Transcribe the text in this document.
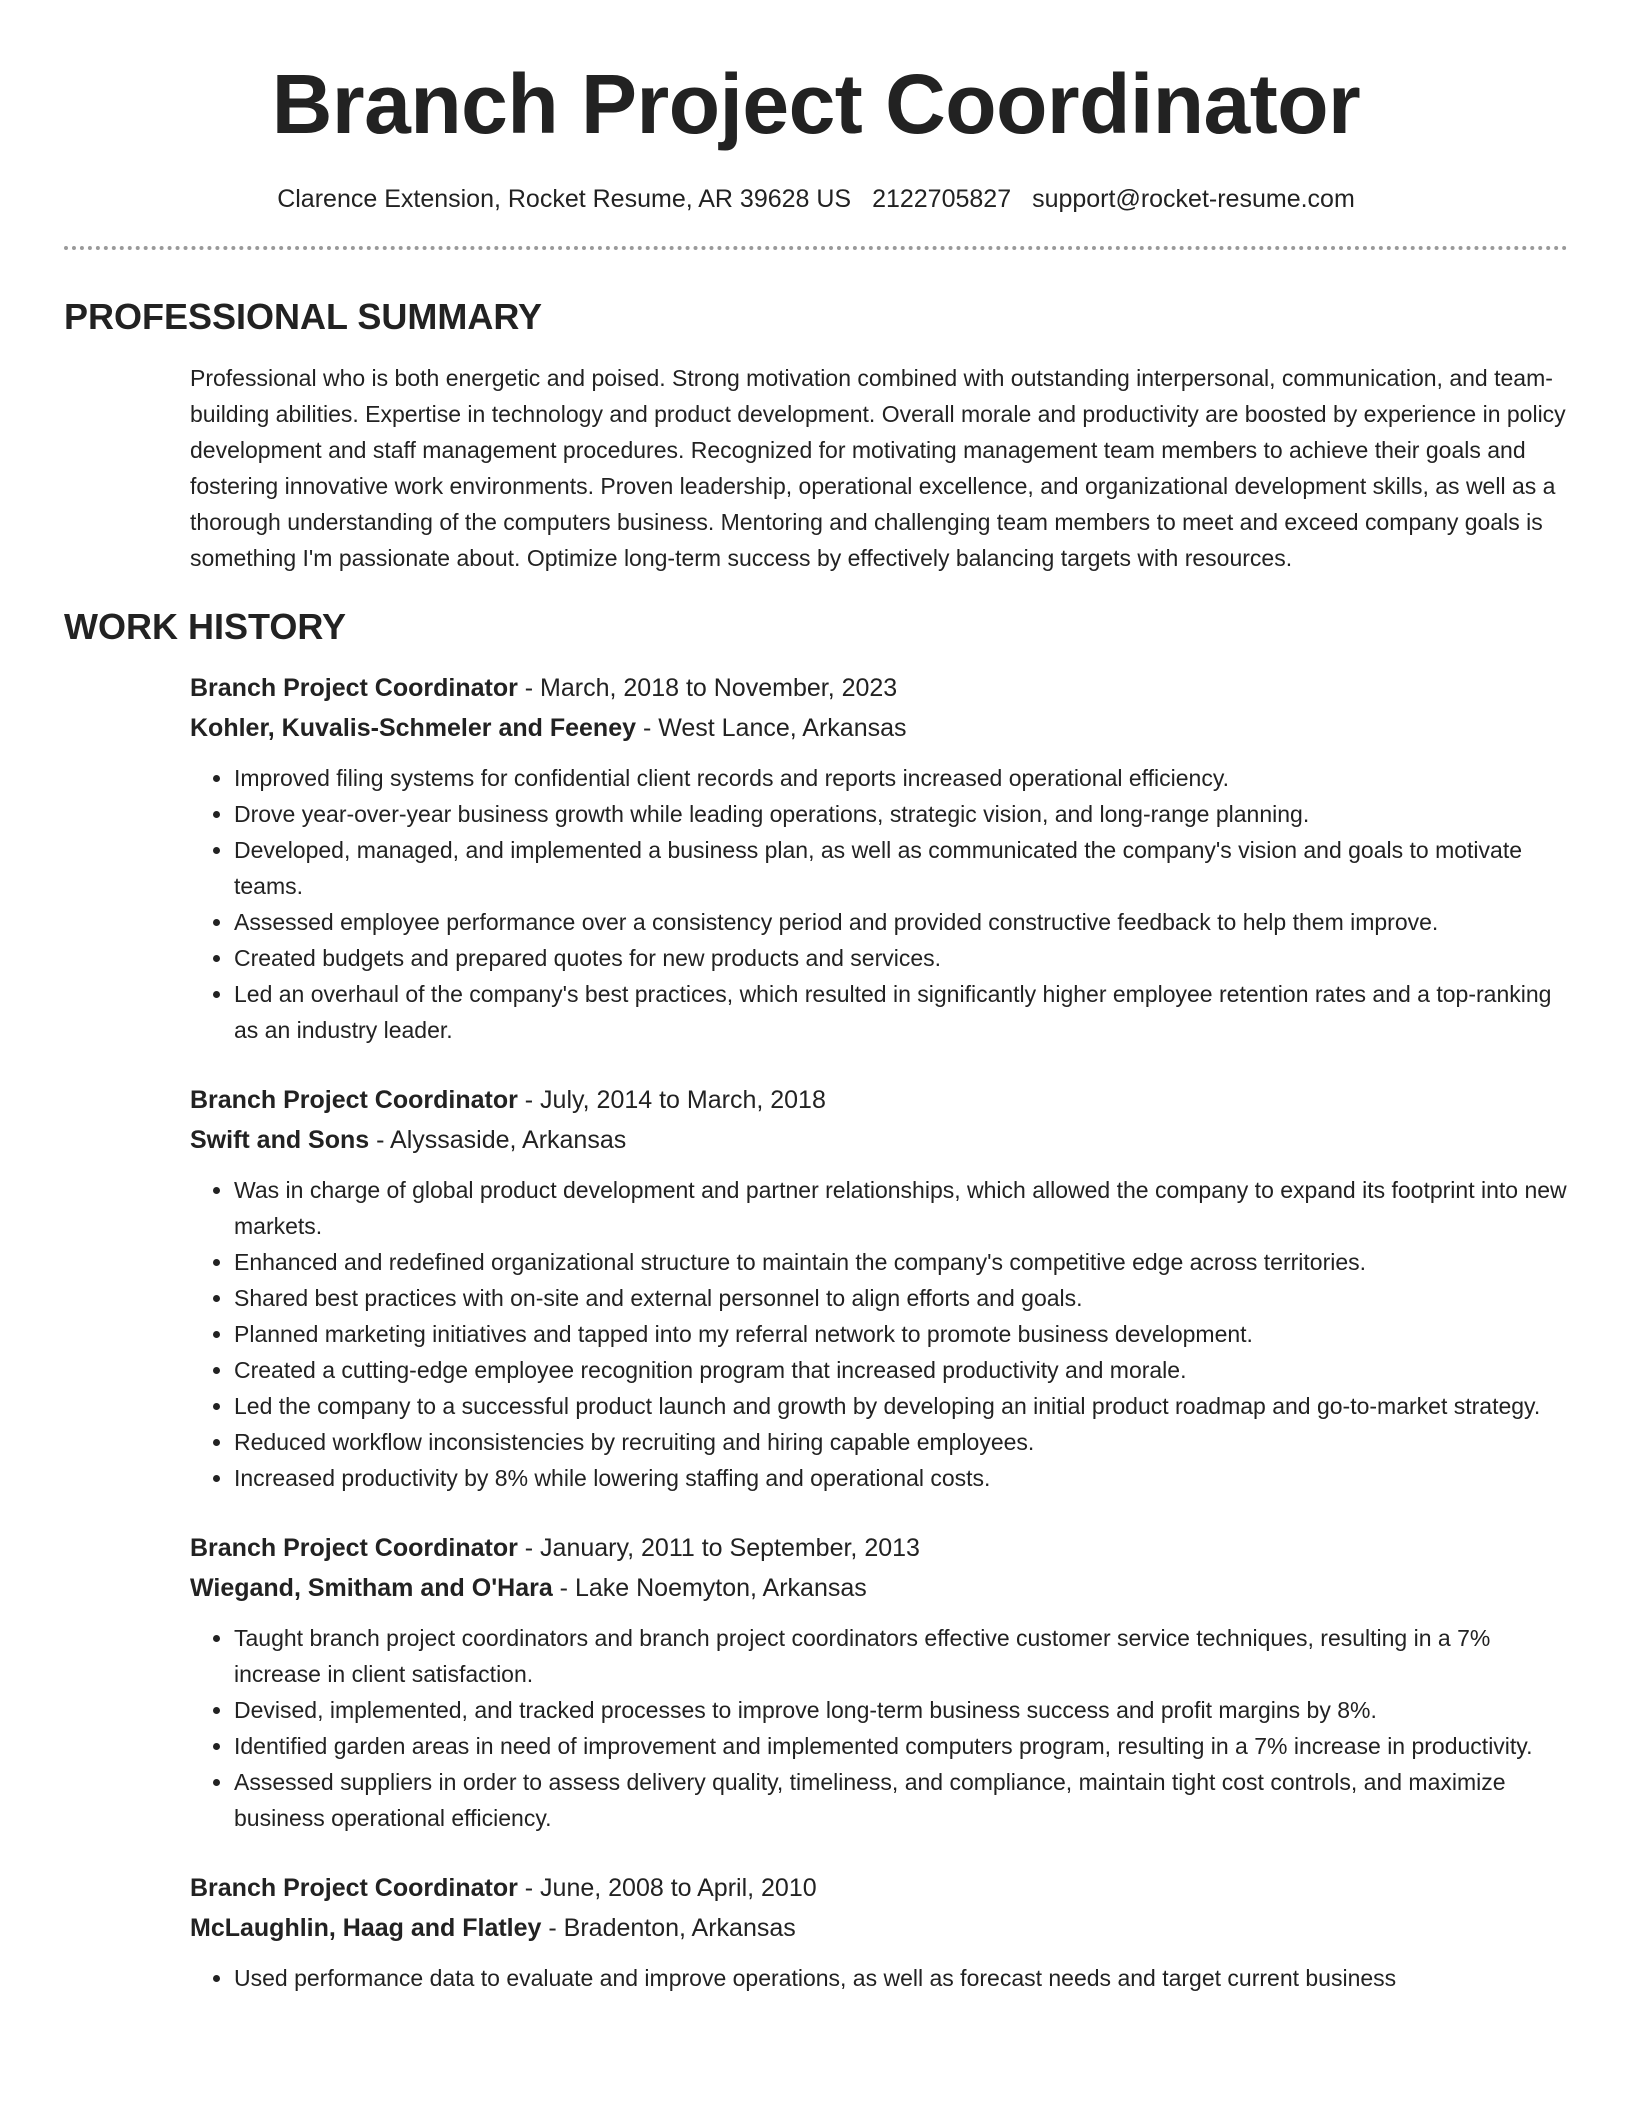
Branch Project Coordinator
Clarence Extension, Rocket Resume, AR 39628 US 2122705827 support@rocket-resume.com
PROFESSIONAL SUMMARY

Professional who is both energetic and poised. Strong motivation combined with outstanding interpersonal, communication, and team-building abilities. Expertise in technology and product development. Overall morale and productivity are boosted by experience in policy development and staff management procedures. Recognized for motivating management team members to achieve their goals and fostering innovative work environments. Proven leadership, operational excellence, and organizational development skills, as well as a thorough understanding of the computers business. Mentoring and challenging team members to meet and exceed company goals is something I'm passionate about. Optimize long-term success by effectively balancing targets with resources.

WORK HISTORY
Branch Project Coordinator - March, 2018 to November, 2023
Kohler, Kuvalis-Schmeler and Feeney - West Lance, Arkansas
• Improved filing systems for confidential client records and reports increased operational efficiency.
• Drove year-over-year business growth while leading operations, strategic vision, and long-range planning.
• Developed, managed, and implemented a business plan, as well as communicated the company's vision and goals to motivate teams.
• Assessed employee performance over a consistency period and provided constructive feedback to help them improve.
• Created budgets and prepared quotes for new products and services.
• Led an overhaul of the company's best practices, which resulted in significantly higher employee retention rates and a top-ranking as an industry leader.
Branch Project Coordinator - July, 2014 to March, 2018
Swift and Sons - Alyssaside, Arkansas
• Was in charge of global product development and partner relationships, which allowed the company to expand its footprint into new markets.
• Enhanced and redefined organizational structure to maintain the company's competitive edge across territories.
• Shared best practices with on-site and external personnel to align efforts and goals.
• Planned marketing initiatives and tapped into my referral network to promote business development.
• Created a cutting-edge employee recognition program that increased productivity and morale.
• Led the company to a successful product launch and growth by developing an initial product roadmap and go-to-market strategy.
• Reduced workflow inconsistencies by recruiting and hiring capable employees.
• Increased productivity by 8% while lowering staffing and operational costs.
Branch Project Coordinator - January, 2011 to September, 2013
Wiegand, Smitham and O'Hara - Lake Noemyton, Arkansas
• Taught branch project coordinators and branch project coordinators effective customer service techniques, resulting in a 7% increase in client satisfaction.
• Devised, implemented, and tracked processes to improve long-term business success and profit margins by 8%.
• Identified garden areas in need of improvement and implemented computers program, resulting in a 7% increase in productivity.
• Assessed suppliers in order to assess delivery quality, timeliness, and compliance, maintain tight cost controls, and maximize business operational efficiency.
Branch Project Coordinator - June, 2008 to April, 2010
McLaughlin, Haag and Flatley - Bradenton, Arkansas
• Used performance data to evaluate and improve operations, as well as forecast needs and target current business
